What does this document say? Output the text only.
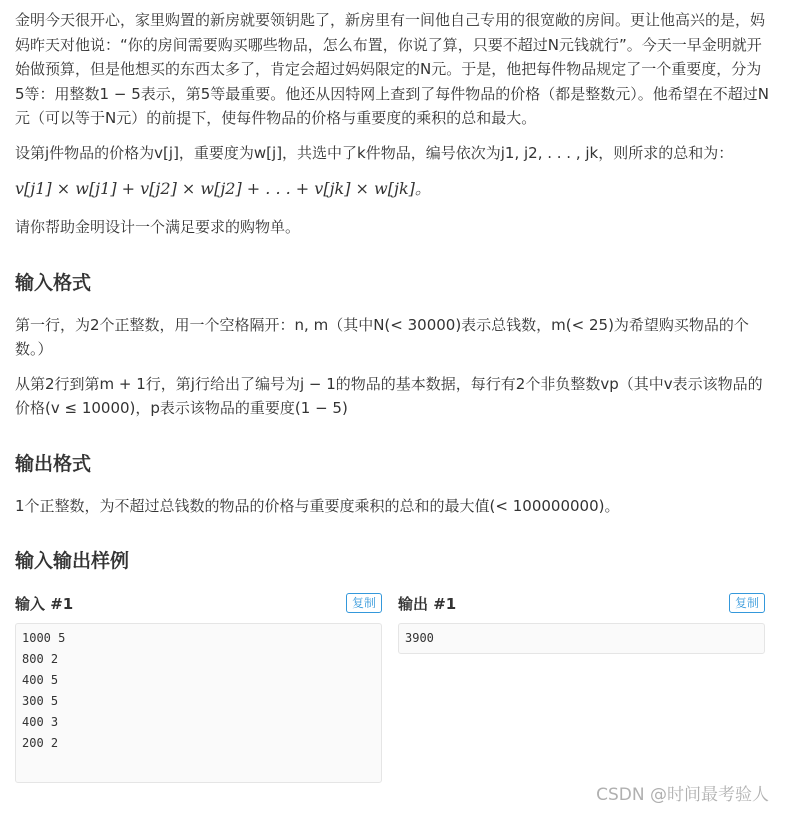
金明今天很开心，家里购置的新房就要领钥匙了，新房里有一间他自己专用的很宽敞的房间。更让他高兴的是，妈妈昨天对他说：“你的房间需要购买哪些物品，怎么布置，你说了算，只要不超过N元钱就行”。今天一早金明就开始做预算，但是他想买的东西太多了，肯定会超过妈妈限定的N元。于是，他把每件物品规定了一个重要度，分为5等：用整数1 − 5表示，第5等最重要。他还从因特网上查到了每件物品的价格（都是整数元）。他希望在不超过N元（可以等于N元）的前提下，使每件物品的价格与重要度的乘积的总和最大。

设第j件物品的价格为v[j]，重要度为w[j]，共选中了k件物品，编号依次为j1, j2, . . . , jk，则所求的总和为：

v[j1] × w[j1] + v[j2] × w[j2] + . . . + v[jk] × w[jk]。

请你帮助金明设计一个满足要求的购物单。

输入格式

第一行，为2个正整数，用一个空格隔开：n, m（其中N(< 30000)表示总钱数，m(< 25)为希望购买物品的个数。）

从第2行到第m + 1行，第j行给出了编号为j − 1的物品的基本数据，每行有2个非负整数vp（其中v表示该物品的价格(v ≤ 10000)，p表示该物品的重要度(1 − 5)

输出格式

1个正整数，为不超过总钱数的物品的价格与重要度乘积的总和的最大值(< 100000000)。

输入输出样例
输入 #1	复制
1000 5
800 2
400 5
300 5
400 3
200 2
输出 #1	复制
3900
CSDN @时间最考验人
